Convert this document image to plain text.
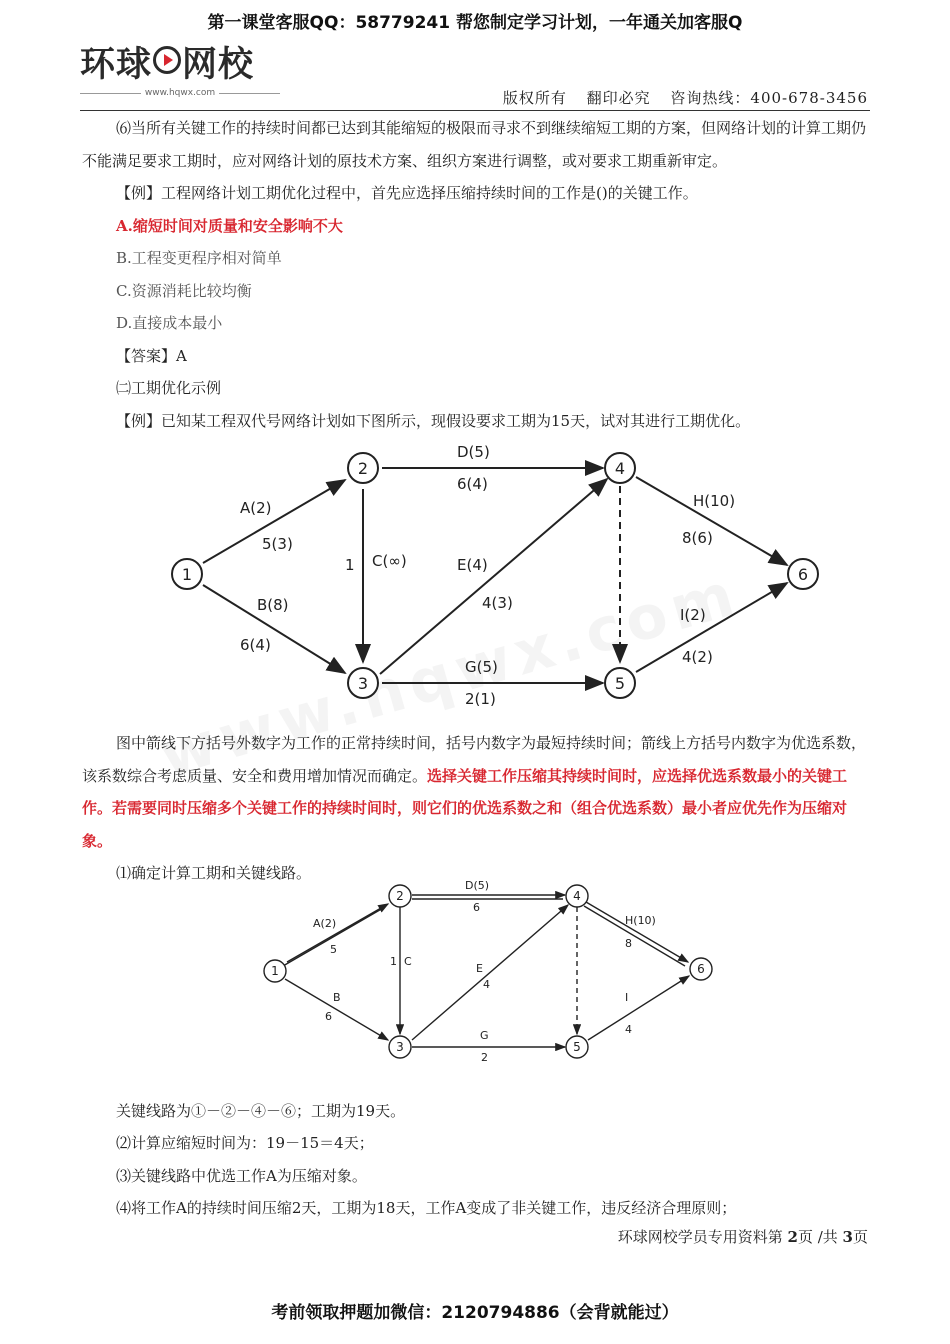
第一课堂客服QQ：58779241 帮您制定学习计划，一年通关加客服Q
环球 网校
www.hqwx.com	版权所有 翻印必究 咨询热线：400-678-3456

⑹当所有关键工作的持续时间都已达到其能缩短的极限而寻求不到继续缩短工期的方案，但网络计划的计算工期仍不能满足要求工期时，应对网络计划的原技术方案、组织方案进行调整，或对要求工期重新审定。

【例】工程网络计划工期优化过程中，首先应选择压缩持续时间的工作是()的关键工作。

A.缩短时间对质量和安全影响不大

B.工程变更程序相对简单

C.资源消耗比较均衡

D.直接成本最小

【答案】A

㈡工期优化示例

【例】已知某工程双代号网络计划如下图所示，现假设要求工期为15天，试对其进行工期优化。

图中箭线下方括号外数字为工作的正常持续时间，括号内数字为最短持续时间；箭线上方括号内数字为优选系数，该系数综合考虑质量、安全和费用增加情况而确定。选择关键工作压缩其持续时间时，应选择优选系数最小的关键工作。若需要同时压缩多个关键工作的持续时间时，则它们的优选系数之和（组合优选系数）最小者应优先作为压缩对象。

⑴确定计算工期和关键线路。

关键线路为①－②－④－⑥；工期为19天。

⑵计算应缩短时间为：19－15＝4天；

⑶关键线路中优选工作A为压缩对象。

⑷将工作A的持续时间压缩2天，工期为18天，工作A变成了非关键工作，违反经济合理原则；

1
2
3
4
5
6
A(2)
5(3)
B(8)
6(4)
1 C(∞)
D(5)
6(4)
E(4)
4(3)
G(5)
2(1)
H(10)
8(6)
I(2)
4(2)
1
2
3
4
5
6
A(2)
5
B
6
1 C
D(5)
6
E
4
G
2
H(10)
8
I
4
环球网校学员专用资料第 2页 /共 3页
考前领取押题加微信：2120794886（会背就能过）
